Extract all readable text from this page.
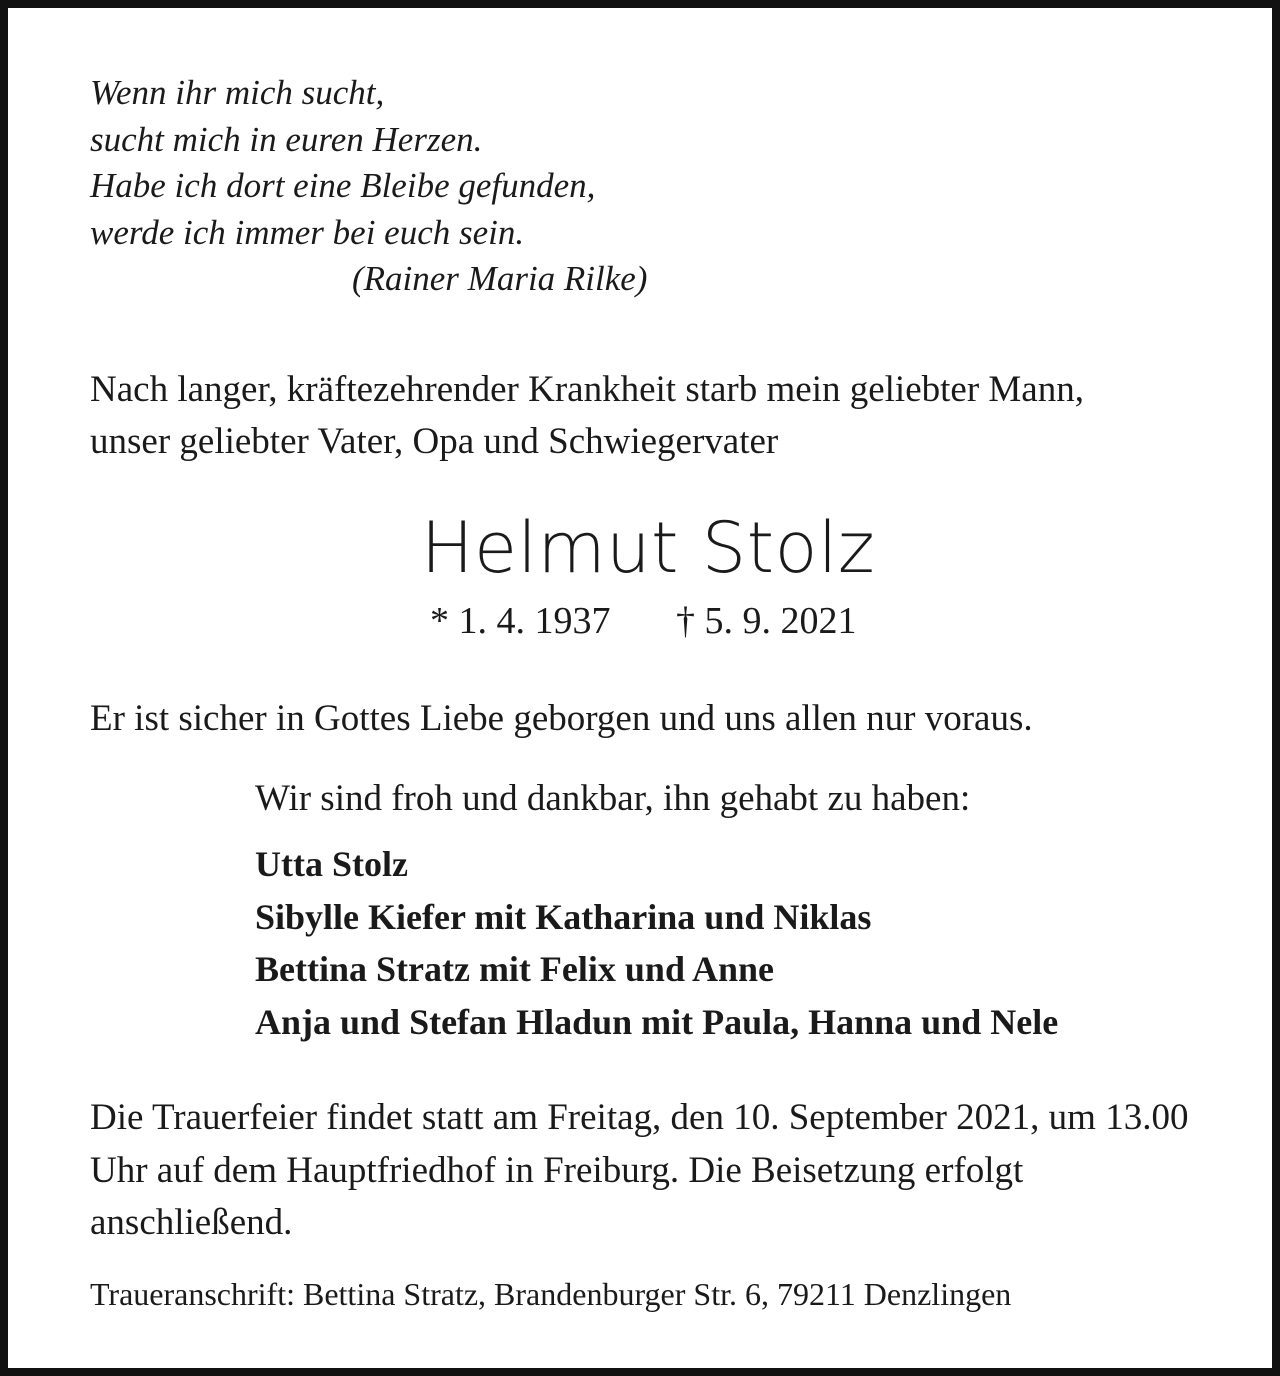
Wenn ihr mich sucht,
sucht mich in euren Herzen.
Habe ich dort eine Bleibe gefunden,
werde ich immer bei euch sein.
(Rainer Maria Rilke)
Nach langer, kräftezehrender Krankheit starb mein geliebter Mann,
unser geliebter Vater, Opa und Schwiegervater
Helmut Stolz
* 1. 4. 1937 † 5. 9. 2021
Er ist sicher in Gottes Liebe geborgen und uns allen nur voraus.
Wir sind froh und dankbar, ihn gehabt zu haben:
Utta Stolz
Sibylle Kiefer mit Katharina und Niklas
Bettina Stratz mit Felix und Anne
Anja und Stefan Hladun mit Paula, Hanna und Nele
Die Trauerfeier findet statt am Freitag, den 10. September 2021, um 13.00 Uhr auf dem Hauptfriedhof in Freiburg. Die Beisetzung erfolgt anschließend.
Traueranschrift: Bettina Stratz, Brandenburger Str. 6, 79211 Denzlingen
